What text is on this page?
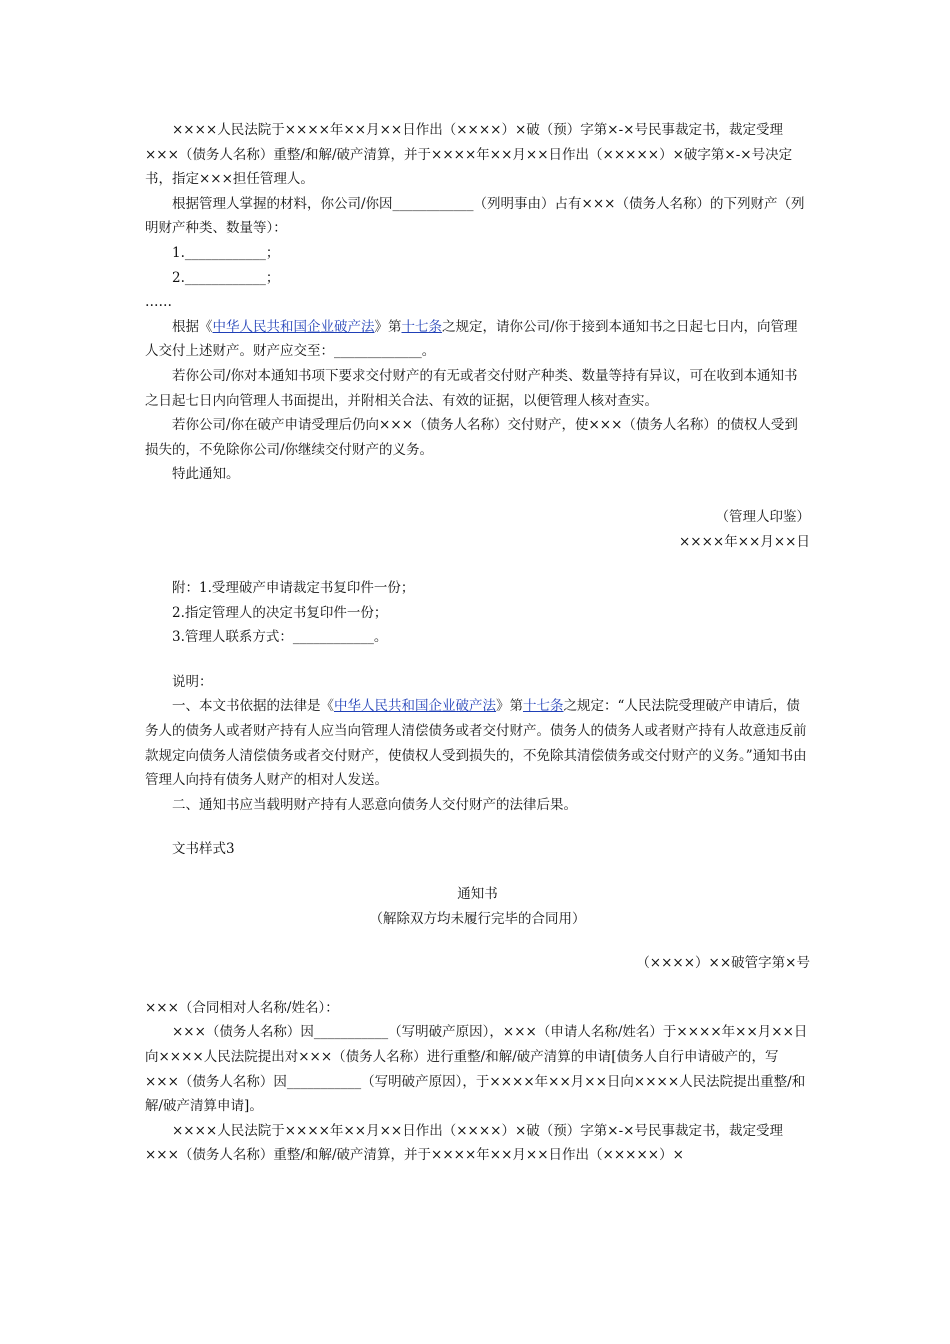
××××人民法院于××××年××月××日作出（××××）×破（预）字第×-×号民事裁定书，裁定受理×××（债务人名称）重整/和解/破产清算，并于××××年××月××日作出（×××××）×破字第×-×号决定书，指定×××担任管理人。

根据管理人掌握的材料，你公司/你因____________（列明事由）占有×××（债务人名称）的下列财产（列明财产种类、数量等）：

1.____________；

2.____________；

……

根据《中华人民共和国企业破产法》第十七条之规定，请你公司/你于接到本通知书之日起七日内，向管理人交付上述财产。财产应交至：_____________。

若你公司/你对本通知书项下要求交付财产的有无或者交付财产种类、数量等持有异议，可在收到本通知书之日起七日内向管理人书面提出，并附相关合法、有效的证据，以便管理人核对查实。

若你公司/你在破产申请受理后仍向×××（债务人名称）交付财产，使×××（债务人名称）的债权人受到损失的，不免除你公司/你继续交付财产的义务。

特此通知。

（管理人印鉴）

××××年××月××日

附：1.受理破产申请裁定书复印件一份；

2.指定管理人的决定书复印件一份；

3.管理人联系方式：____________。

说明：

一、本文书依据的法律是《中华人民共和国企业破产法》第十七条之规定：“人民法院受理破产申请后，债务人的债务人或者财产持有人应当向管理人清偿债务或者交付财产。债务人的债务人或者财产持有人故意违反前款规定向债务人清偿债务或者交付财产，使债权人受到损失的，不免除其清偿债务或交付财产的义务。”通知书由管理人向持有债务人财产的相对人发送。

二、通知书应当载明财产持有人恶意向债务人交付财产的法律后果。

文书样式3

通知书

（解除双方均未履行完毕的合同用）

（××××）××破管字第×号

×××（合同相对人名称/姓名）：

×××（债务人名称）因___________（写明破产原因），×××（申请人名称/姓名）于××××年××月××日向××××人民法院提出对×××（债务人名称）进行重整/和解/破产清算的申请[债务人自行申请破产的，写×××（债务人名称）因___________（写明破产原因），于××××年××月××日向××××人民法院提出重整/和解/破产清算申请]。

××××人民法院于××××年××月××日作出（××××）×破（预）字第×-×号民事裁定书，裁定受理×××（债务人名称）重整/和解/破产清算，并于××××年××月××日作出（×××××）×
